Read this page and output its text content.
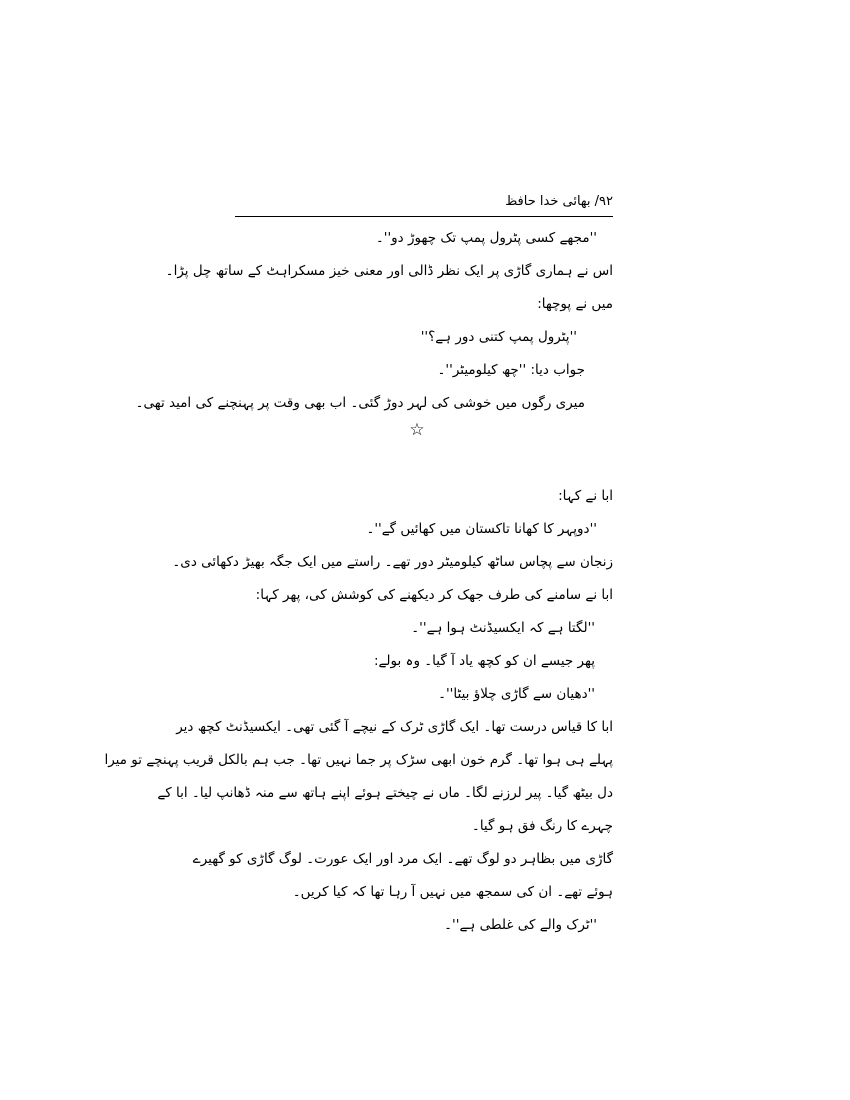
۹۲/ بھائی خدا حافظ
''مجھے کسی پٹرول پمپ تک چھوڑ دو''۔
اس نے ہماری گاڑی پر ایک نظر ڈالی اور معنی خیز مسکراہٹ کے ساتھ چل پڑا۔
میں نے پوچھا:
''پٹرول پمپ کتنی دور ہے؟''
جواب دیا: ''چھ کیلومیٹر''۔
میری رگوں میں خوشی کی لہر دوڑ گئی۔ اب بھی وقت پر پہنچنے کی امید تھی۔
ابا نے کہا:
''دوپہر کا کھانا تاکستان میں کھائیں گے''۔
زنجان سے پچاس ساٹھ کیلومیٹر دور تھے۔ راستے میں ایک جگہ بھیڑ دکھائی دی۔
ابا نے سامنے کی طرف جھک کر دیکھنے کی کوشش کی، پھر کہا:
''لگتا ہے کہ ایکسیڈنٹ ہوا ہے''۔
پھر جیسے ان کو کچھ یاد آ گیا۔ وہ بولے:
''دھیان سے گاڑی چلاؤ بیٹا''۔
ابا کا قیاس درست تھا۔ ایک گاڑی ٹرک کے نیچے آ گئی تھی۔ ایکسیڈنٹ کچھ دیر
پہلے ہی ہوا تھا۔ گرم خون ابھی سڑک پر جما نہیں تھا۔ جب ہم بالکل قریب پہنچے تو میرا
دل بیٹھ گیا۔ پیر لرزنے لگا۔ ماں نے چیختے ہوئے اپنے ہاتھ سے منہ ڈھانپ لیا۔ ابا کے
چہرے کا رنگ فق ہو گیا۔
گاڑی میں بظاہر دو لوگ تھے۔ ایک مرد اور ایک عورت۔ لوگ گاڑی کو گھیرے
ہوئے تھے۔ ان کی سمجھ میں نہیں آ رہا تھا کہ کیا کریں۔
''ٹرک والے کی غلطی ہے''۔
☆
